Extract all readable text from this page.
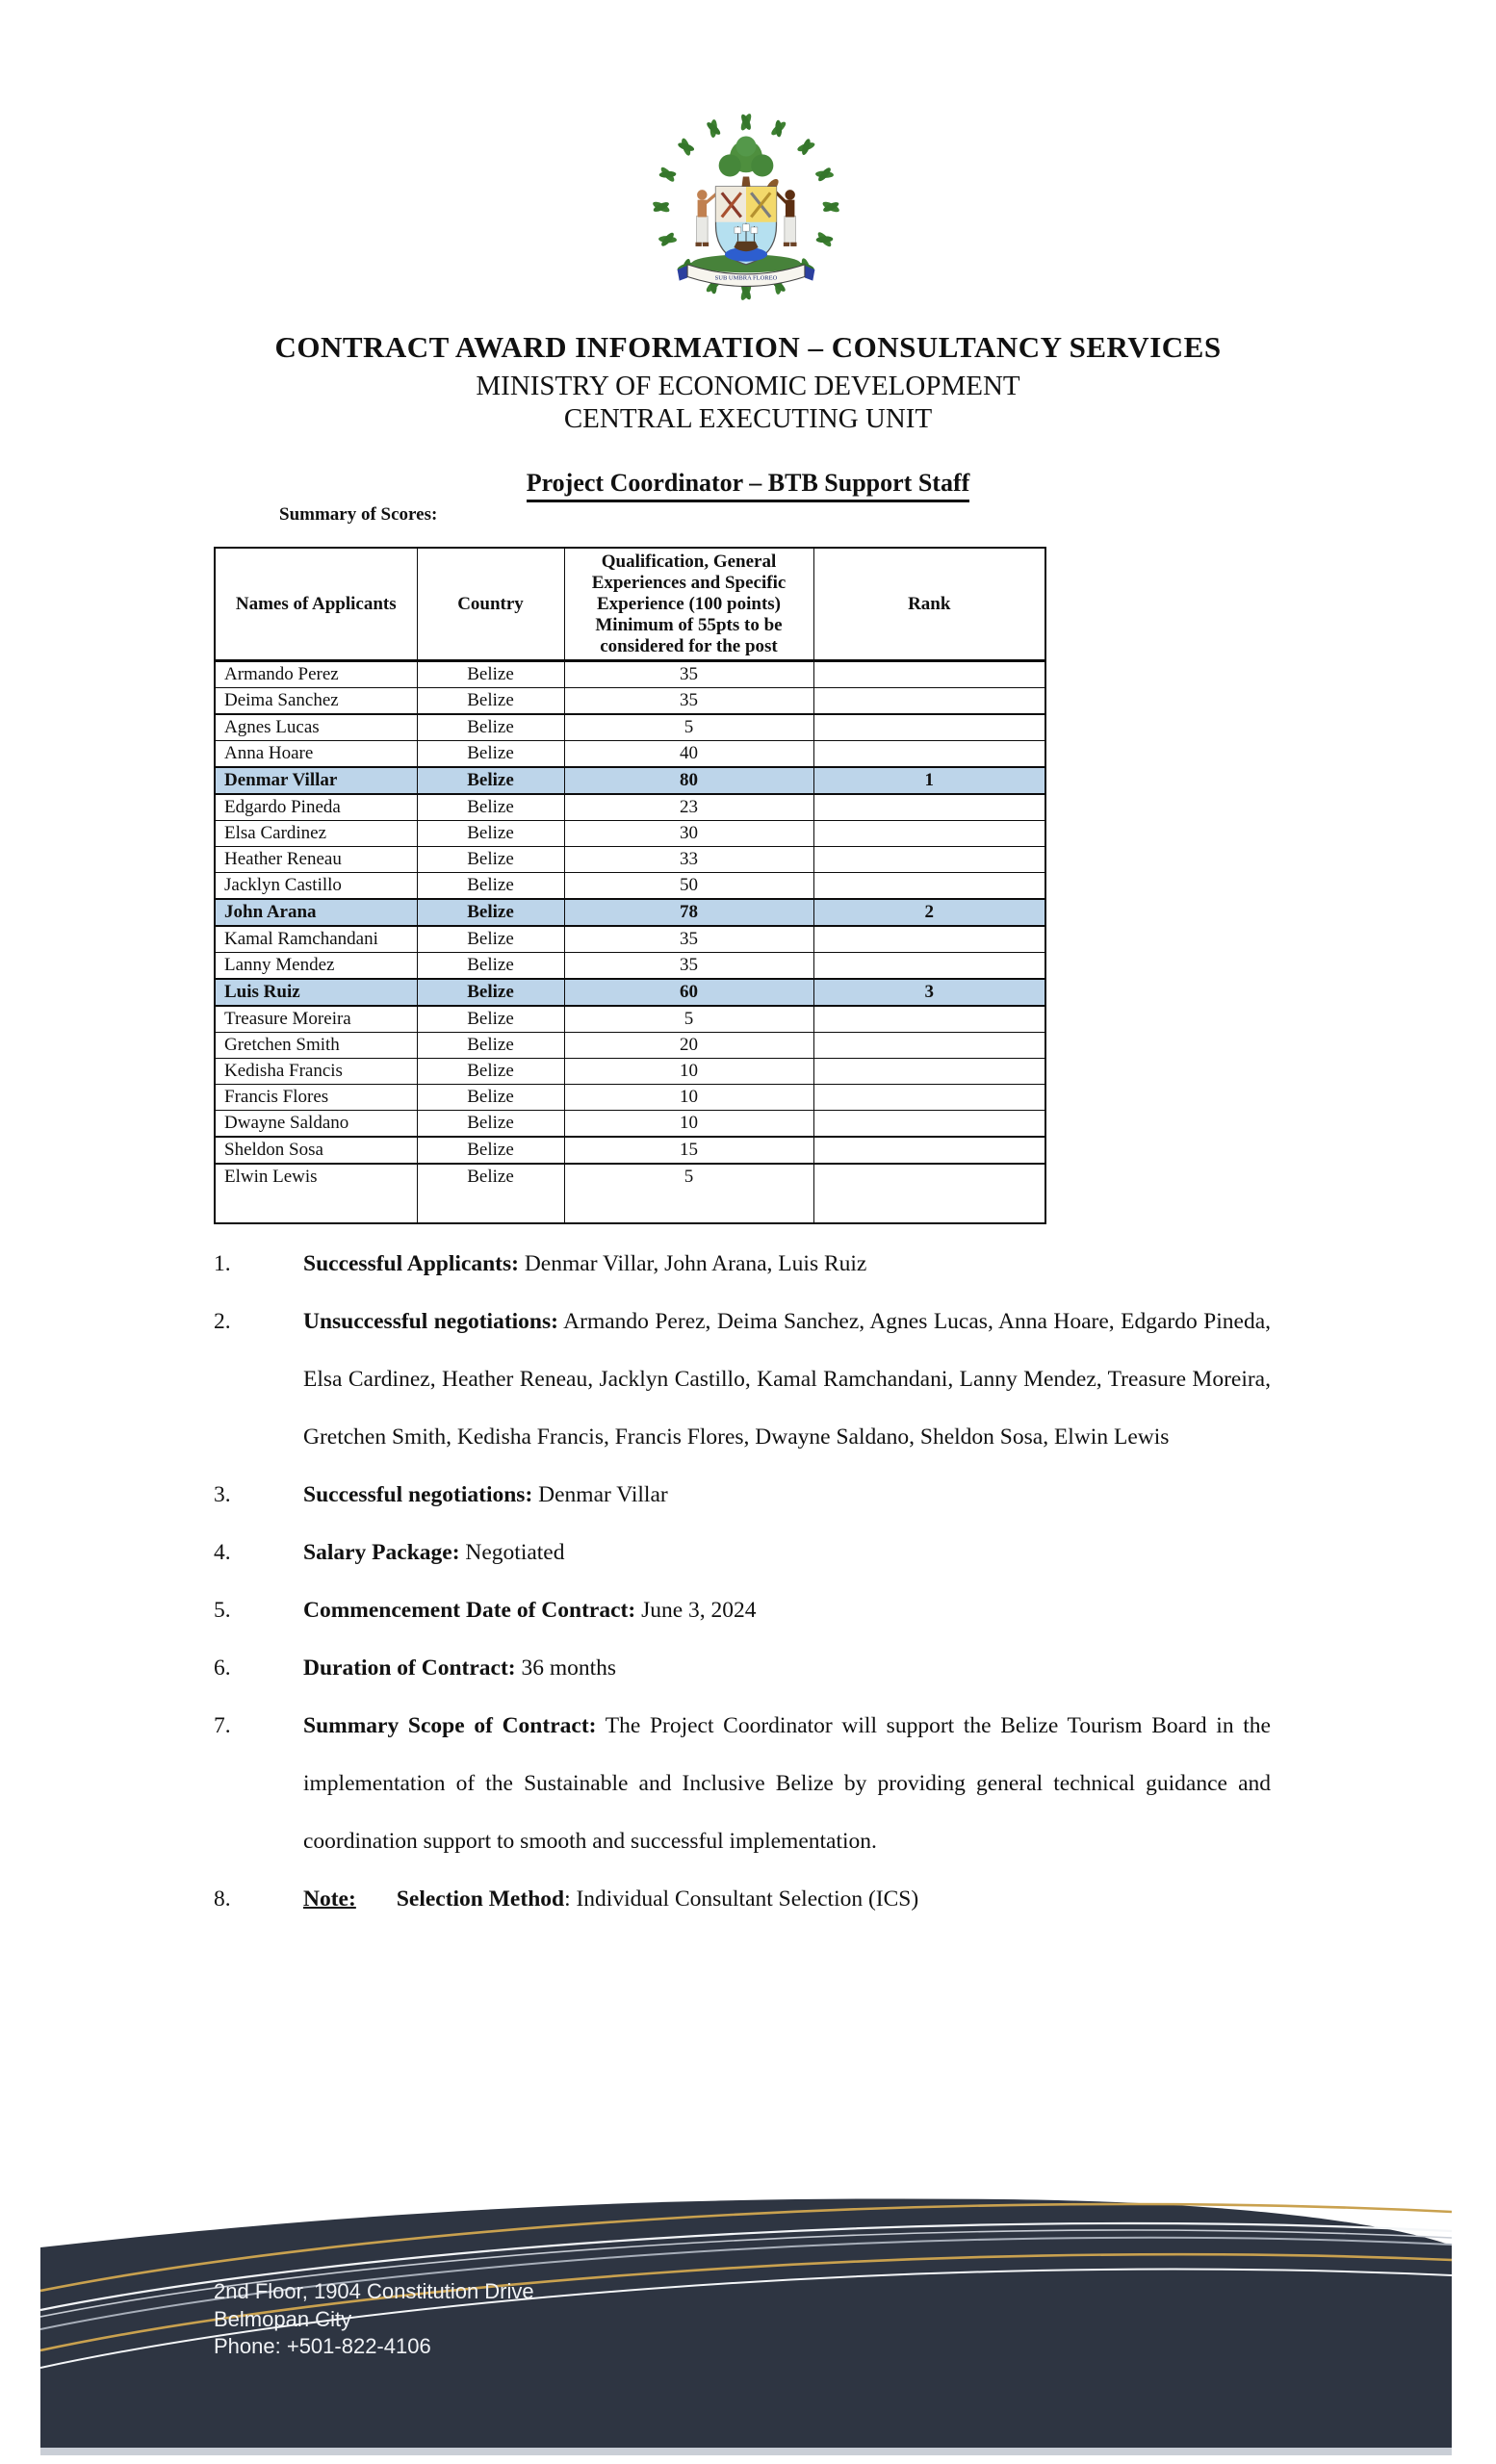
SUB UMBRA FLOREO
CONTRACT AWARD INFORMATION – CONSULTANCY SERVICES
MINISTRY OF ECONOMIC DEVELOPMENT
CENTRAL EXECUTING UNIT
Project Coordinator – BTB Support Staff
Summary of Scores:
Names of Applicants	Country	Qualification, General Experiences and Specific Experience (100 points) Minimum of 55pts to be considered for the post	Rank
Armando Perez	Belize	35	
Deima Sanchez	Belize	35	
Agnes Lucas	Belize	5	
Anna Hoare	Belize	40	
Denmar Villar	Belize	80	1
Edgardo Pineda	Belize	23	
Elsa Cardinez	Belize	30	
Heather Reneau	Belize	33	
Jacklyn Castillo	Belize	50	
John Arana	Belize	78	2
Kamal Ramchandani	Belize	35	
Lanny Mendez	Belize	35	
Luis Ruiz	Belize	60	3
Treasure Moreira	Belize	5	
Gretchen Smith	Belize	20	
Kedisha Francis	Belize	10	
Francis Flores	Belize	10	
Dwayne Saldano	Belize	10	
Sheldon Sosa	Belize	15	
Elwin Lewis	Belize	5	
1.	Successful Applicants: Denmar Villar, John Arana, Luis Ruiz
2.	Unsuccessful negotiations: Armando Perez, Deima Sanchez, Agnes Lucas, Anna Hoare, Edgardo Pineda, Elsa Cardinez, Heather Reneau, Jacklyn Castillo, Kamal Ramchandani, Lanny Mendez, Treasure Moreira, Gretchen Smith, Kedisha Francis, Francis Flores, Dwayne Saldano, Sheldon Sosa, Elwin Lewis
3.	Successful negotiations: Denmar Villar
4.	Salary Package: Negotiated
5.	Commencement Date of Contract: June 3, 2024
6.	Duration of Contract: 36 months
7.	Summary Scope of Contract: The Project Coordinator will support the Belize Tourism Board in the implementation of the Sustainable and Inclusive Belize by providing general technical guidance and coordination support to smooth and successful implementation.
8.	Note: Selection Method: Individual Consultant Selection (ICS)
2nd Floor, 1904 Constitution Drive
Belmopan City
Phone: +501-822-4106
